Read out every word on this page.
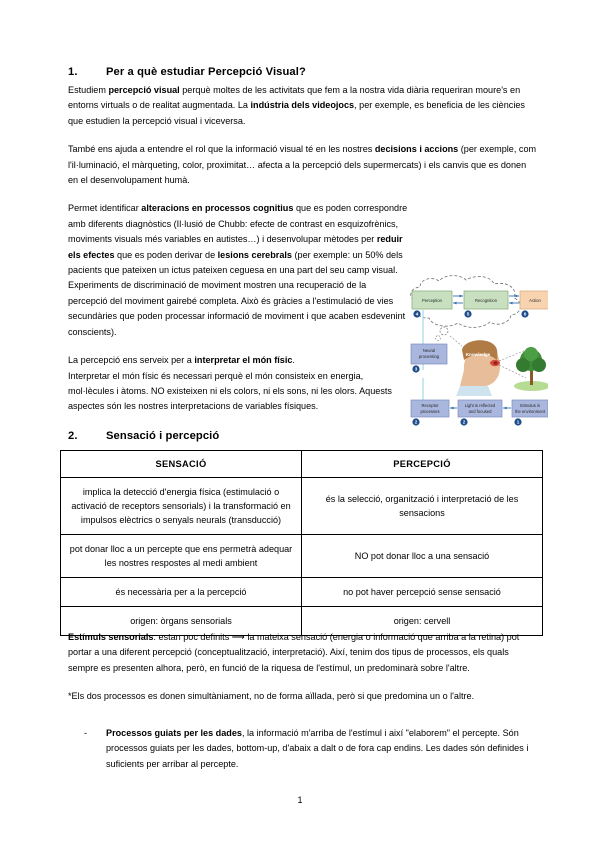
1.	Per a què estudiar Percepció Visual?

Estudiem percepció visual perquè moltes de les activitats que fem a la nostra vida diària requeriran moure's en entorns virtuals o de realitat augmentada. La indústria dels videojocs, per exemple, es beneficia de les ciències que estudien la percepció visual i viceversa.

També ens ajuda a entendre el rol que la informació visual té en les nostres decisions i accions (per exemple, com l'il·luminació, el màrqueting, color, proximitat… afecta a la percepció dels supermercats) i els canvis que es donen en el desenvolupament humà.

Permet identificar alteracions en processos cognitius que es poden correspondre amb diferents diagnòstics (Il·lusió de Chubb: efecte de contrast en esquizofrènics, moviments visuals més variables en autistes…) i desenvolupar mètodes per reduir els efectes que es poden derivar de lesions cerebrals (per exemple: un 50% dels pacients que pateixen un ictus pateixen ceguesa en una part del seu camp visual. Experiments de discriminació de moviment mostren una recuperació de la percepció del moviment gairebé completa. Això és gràcies a l'estimulació de vies secundàries que poden processar informació de moviment i que acaben esdevenint conscients).

La percepció ens serveix per a interpretar el món físic.

Interpretar el món físic és necessari perquè el món consisteix en energia, mol·lècules i àtoms. NO existeixen ni els colors, ni els sons, ni les olors. Aquests aspectes són les nostres interpretacions de variables físiques.

Perception	Recognition	Action
4	5	6
Neural
processing
3
Knowledge
Receptor
processes
Light is reflected
and focused
Stimulus in
the environment
2	2	1
2.	Sensació i percepció
SENSACIÓ	PERCEPCIÓ
implica la detecció d'energia física (estimulació o activació de receptors sensorials) i la transformació en impulsos elèctrics o senyals neurals (transducció)	és la selecció, organització i interpretació de les sensacions
pot donar lloc a un percepte que ens permetrà adequar les nostres respostes al medi ambient	NO pot donar lloc a una sensació
és necessària per a la percepció	no pot haver percepció sense sensació
origen: òrgans sensorials	origen: cervell

Estímuls sensorials: estan poc definits ⟶ la mateixa sensació (energia o informació que arriba a la retina) pot portar a una diferent percepció (conceptualització, interpretació). Així, tenim dos tipus de processos, els quals sempre es presenten alhora, però, en funció de la riquesa de l'estímul, un predominarà sobre l'altre.

*Els dos processos es donen simultàniament, no de forma aïllada, però si que predomina un o l'altre.

-	Processos guiats per les dades, la informació m'arriba de l'estímul i així "elaborem" el percepte. Són processos guiats per les dades, bottom-up, d'abaix a dalt o de fora cap endins. Les dades són definides i suficients per arribar al percepte.
1
